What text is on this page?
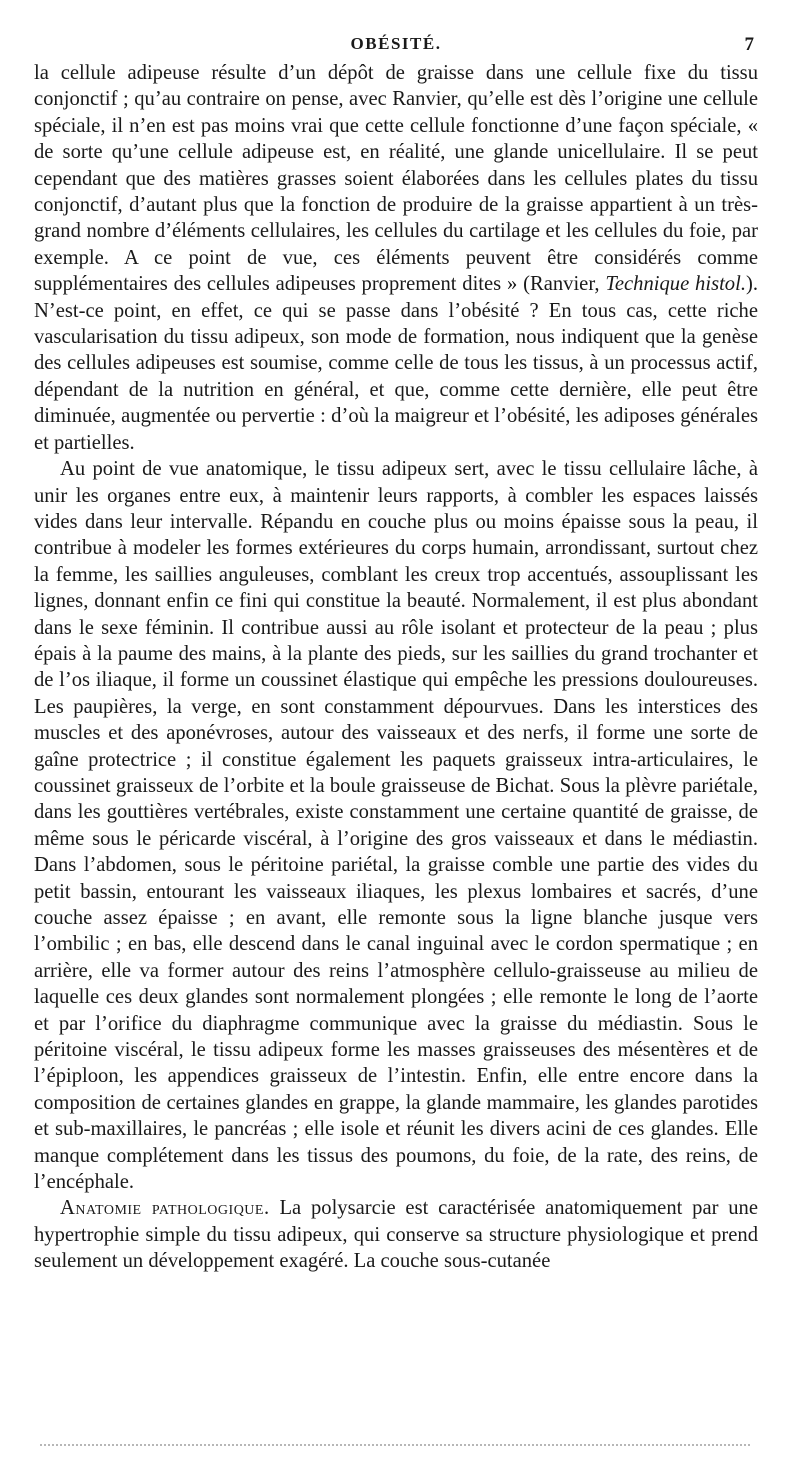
OBÉSITÉ.	7

la cellule adipeuse résulte d’un dépôt de graisse dans une cellule fixe du tissu conjonctif ; qu’au contraire on pense, avec Ranvier, qu’elle est dès l’origine une cellule spéciale, il n’en est pas moins vrai que cette cellule fonctionne d’une façon spéciale, « de sorte qu’une cellule adipeuse est, en réalité, une glande unicellulaire. Il se peut cependant que des matières grasses soient élaborées dans les cellules plates du tissu conjonctif, d’autant plus que la fonction de produire de la graisse appartient à un très-grand nombre d’éléments cellulaires, les cellules du cartilage et les cellules du foie, par exemple. A ce point de vue, ces éléments peuvent être considérés comme supplémentaires des cellules adipeuses proprement dites » (Ranvier, Technique histol.). N’est-ce point, en effet, ce qui se passe dans l’obésité ? En tous cas, cette riche vascularisation du tissu adipeux, son mode de formation, nous indiquent que la genèse des cellules adipeuses est soumise, comme celle de tous les tissus, à un processus actif, dépendant de la nutrition en général, et que, comme cette dernière, elle peut être diminuée, augmentée ou pervertie : d’où la maigreur et l’obésité, les adiposes générales et partielles.

Au point de vue anatomique, le tissu adipeux sert, avec le tissu cellulaire lâche, à unir les organes entre eux, à maintenir leurs rapports, à combler les espaces laissés vides dans leur intervalle. Répandu en couche plus ou moins épaisse sous la peau, il contribue à modeler les formes extérieures du corps humain, arrondissant, surtout chez la femme, les saillies anguleuses, comblant les creux trop accentués, assouplissant les lignes, donnant enfin ce fini qui constitue la beauté. Normalement, il est plus abondant dans le sexe féminin. Il contribue aussi au rôle isolant et protecteur de la peau ; plus épais à la paume des mains, à la plante des pieds, sur les saillies du grand trochanter et de l’os iliaque, il forme un coussinet élastique qui empêche les pressions douloureuses. Les paupières, la verge, en sont constamment dépourvues. Dans les interstices des muscles et des aponévroses, autour des vaisseaux et des nerfs, il forme une sorte de gaîne protectrice ; il constitue également les paquets graisseux intra-articulaires, le coussinet graisseux de l’orbite et la boule graisseuse de Bichat. Sous la plèvre pariétale, dans les gouttières vertébrales, existe constamment une certaine quantité de graisse, de même sous le péricarde viscéral, à l’origine des gros vaisseaux et dans le médiastin. Dans l’abdomen, sous le péritoine pariétal, la graisse comble une partie des vides du petit bassin, entourant les vaisseaux iliaques, les plexus lombaires et sacrés, d’une couche assez épaisse ; en avant, elle remonte sous la ligne blanche jusque vers l’ombilic ; en bas, elle descend dans le canal inguinal avec le cordon spermatique ; en arrière, elle va former autour des reins l’atmosphère cellulo-graisseuse au milieu de laquelle ces deux glandes sont normalement plongées ; elle remonte le long de l’aorte et par l’orifice du diaphragme communique avec la graisse du médiastin. Sous le péritoine viscéral, le tissu adipeux forme les masses graisseuses des mésentères et de l’épiploon, les appendices graisseux de l’intestin. Enfin, elle entre encore dans la composition de certaines glandes en grappe, la glande mammaire, les glandes parotides et sub-maxillaires, le pancréas ; elle isole et réunit les divers acini de ces glandes. Elle manque complétement dans les tissus des poumons, du foie, de la rate, des reins, de l’encéphale.

Anatomie pathologique. La polysarcie est caractérisée anatomiquement par une hypertrophie simple du tissu adipeux, qui conserve sa structure physiologique et prend seulement un développement exagéré. La couche sous-cutanée
